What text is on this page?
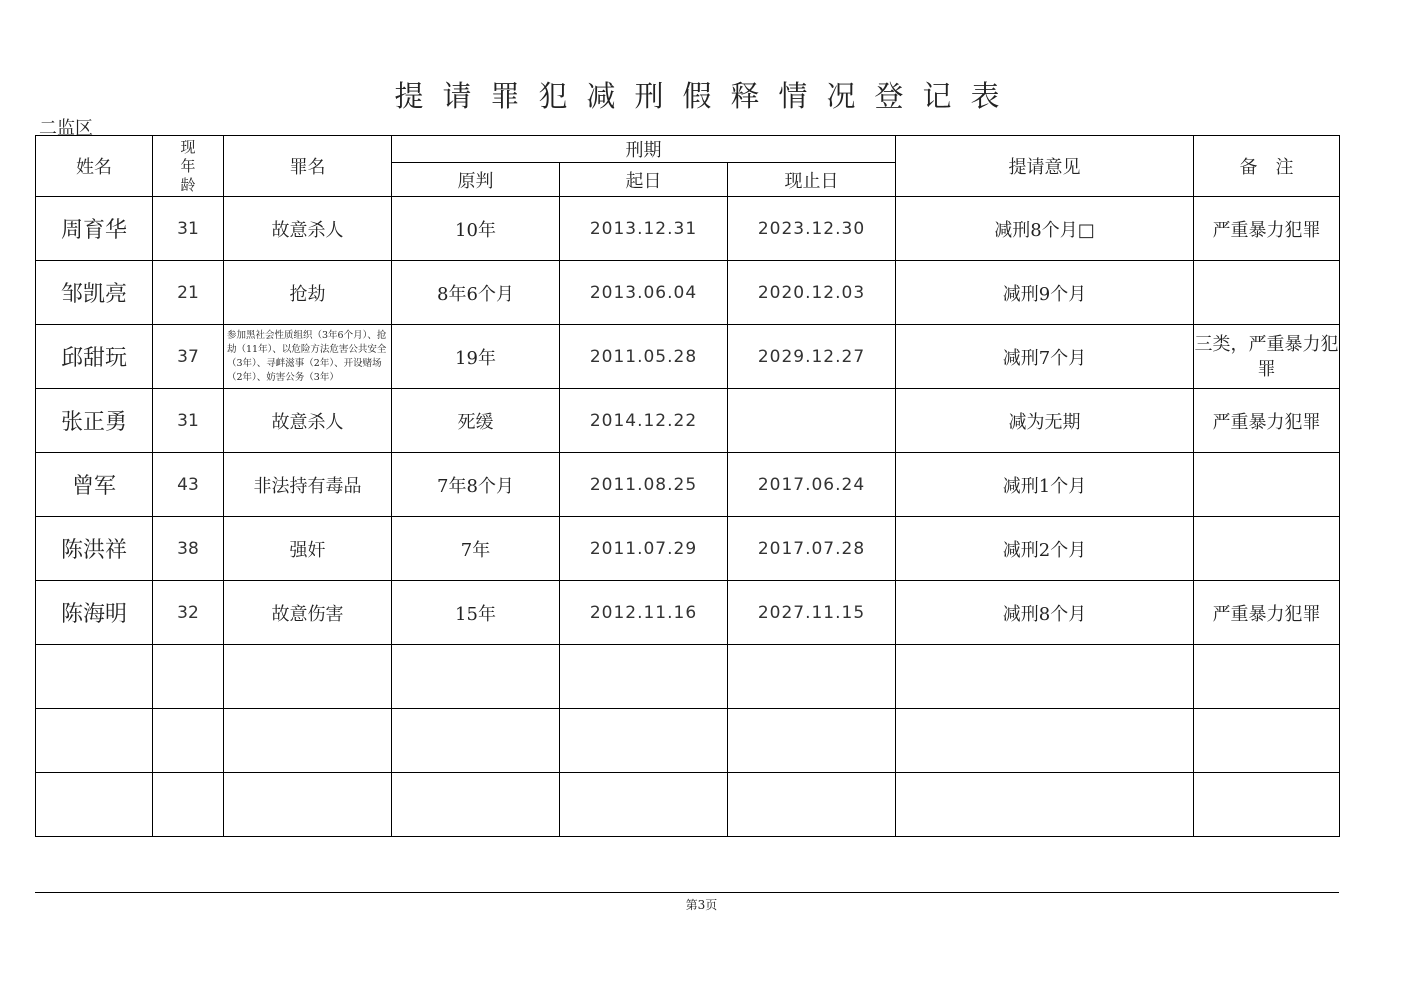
提请罪犯减刑假释情况登记表
二监区
姓名	现
年
龄	罪名	刑期			提请意见	备　注
			原判	起日	现止日		

周育华	31	故意杀人	10年	2013.12.31	2023.12.30	减刑8个月□	严重暴力犯罪

邹凯亮	21	抢劫	8年6个月	2013.06.04	2020.12.03	减刑9个月	

邱甜玩	37	参加黑社会性质组织（3年6个月）、抢劫（11年）、以危险方法危害公共安全（3年）、寻衅滋事（2年）、开设赌场（2年）、妨害公务（3年）	19年	2011.05.28	2029.12.27	减刑7个月	三类，严重暴力犯罪

张正勇	31	故意杀人	死缓	2014.12.22		减为无期	严重暴力犯罪

曾军	43	非法持有毒品	7年8个月	2011.08.25	2017.06.24	减刑1个月	

陈洪祥	38	强奸	7年	2011.07.29	2017.07.28	减刑2个月	

陈海明	32	故意伤害	15年	2012.11.16	2027.11.15	减刑8个月	严重暴力犯罪

第3页
